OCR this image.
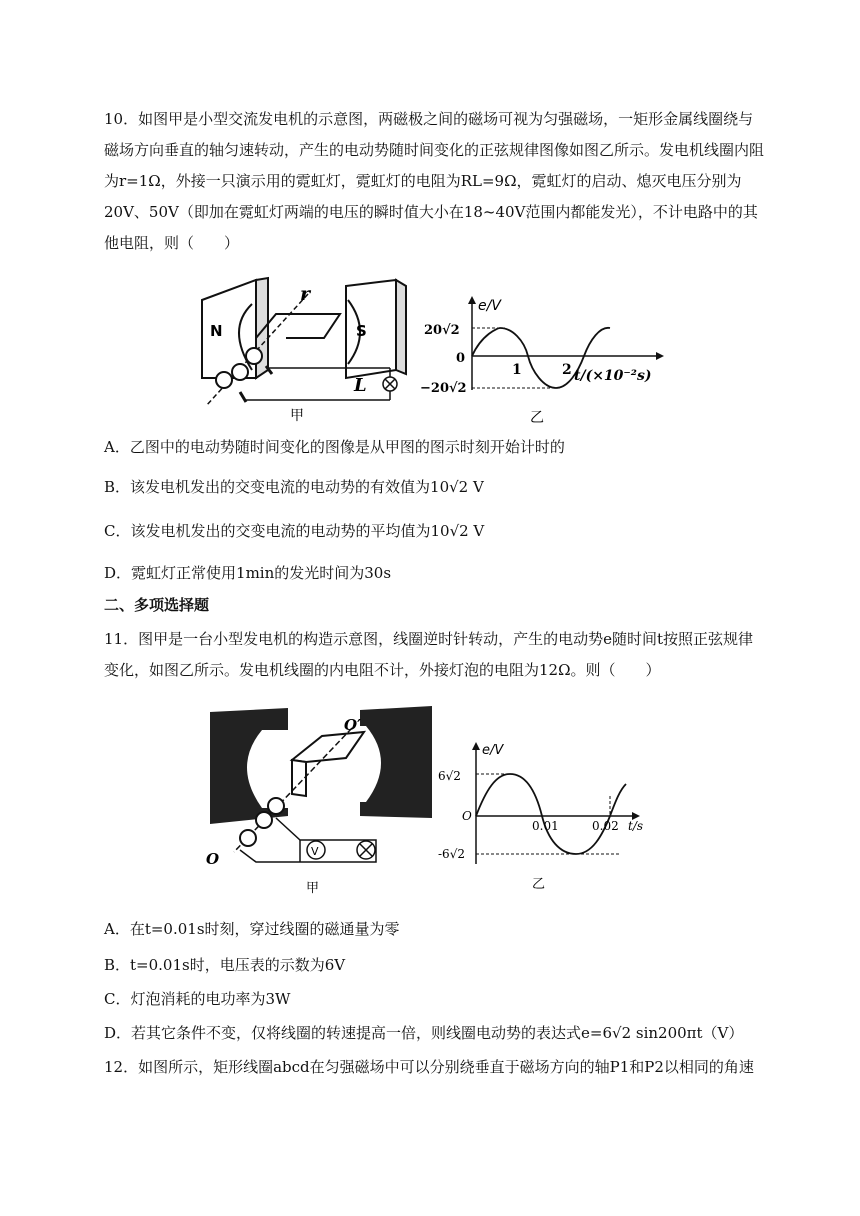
10．如图甲是小型交流发电机的示意图，两磁极之间的磁场可视为匀强磁场，一矩形金属线圈绕与磁场方向垂直的轴匀速转动，产生的电动势随时间变化的正弦规律图像如图乙所示。发电机线圈内阻为r=1Ω，外接一只演示用的霓虹灯，霓虹灯的电阻为RL=9Ω，霓虹灯的启动、熄灭电压分别为20V、50V（即加在霓虹灯两端的电压的瞬时值大小在18~40V范围内都能发光），不计电路中的其他电阻，则（　　）

N	S
r
L
甲
e/V
20√2
0
−20√2
1	2 t/(×10⁻²s)
乙
A．乙图中的电动势随时间变化的图像是从甲图的图示时刻开始计时的
B．该发电机发出的交变电流的电动势的有效值为10√2 V
C．该发电机发出的交变电流的电动势的平均值为10√2 V
D．霓虹灯正常使用1min的发光时间为30s
二、多项选择题

11．图甲是一台小型发电机的构造示意图，线圈逆时针转动，产生的电动势e随时间t按照正弦规律变化，如图乙所示。发电机线圈的内电阻不计，外接灯泡的电阻为12Ω。则（　　）

V
O′
O
甲
e/V
6√2
O
-6√2
0.01	0.02 t/s
乙
A．在t=0.01s时刻，穿过线圈的磁通量为零
B．t=0.01s时，电压表的示数为6V
C．灯泡消耗的电功率为3W
D．若其它条件不变，仅将线圈的转速提高一倍，则线圈电动势的表达式e=6√2 sin200πt（V）
12．如图所示，矩形线圈abcd在匀强磁场中可以分别绕垂直于磁场方向的轴P1和P2以相同的角速
